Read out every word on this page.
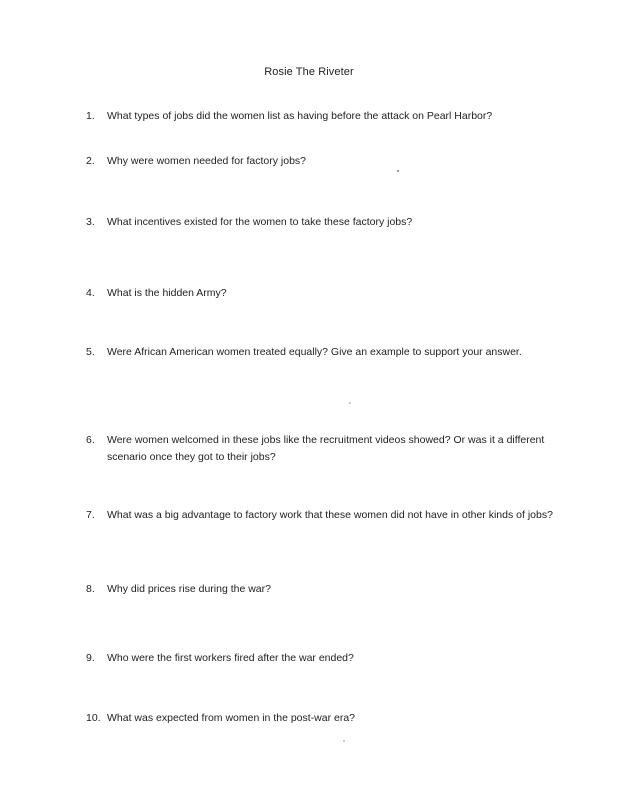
Rosie The Riveter
1.	What types of jobs did the women list as having before the attack on Pearl Harbor?
2.	Why were women needed for factory jobs?
3.	What incentives existed for the women to take these factory jobs?
4.	What is the hidden Army?
5.	Were African American women treated equally? Give an example to support your answer.
6.	Were women welcomed in these jobs like the recruitment videos showed? Or was it a different scenario once they got to their jobs?
7.	What was a big advantage to factory work that these women did not have in other kinds of jobs?
8.	Why did prices rise during the war?
9.	Who were the first workers fired after the war ended?
10. What was expected from women in the post-war era?
